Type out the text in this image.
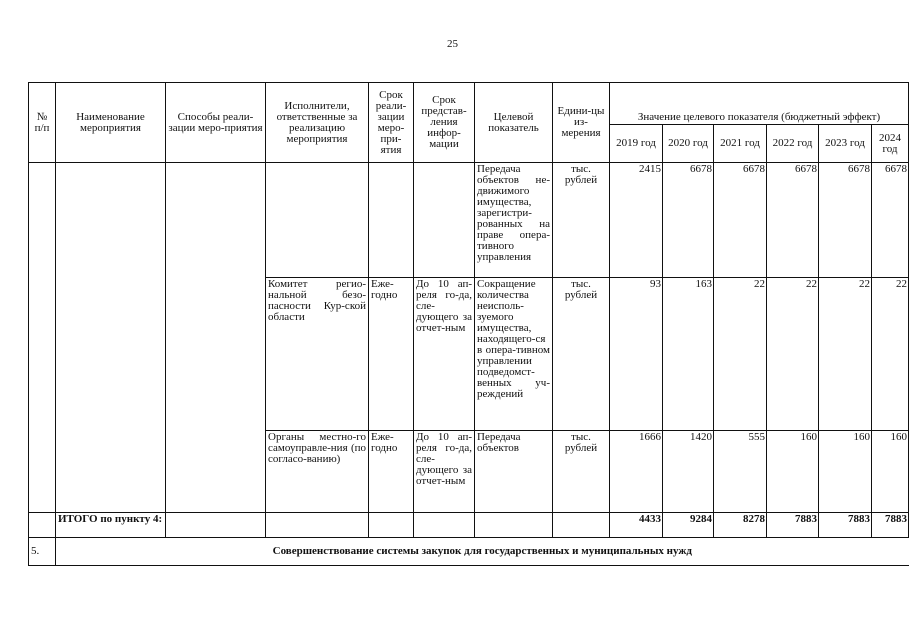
25
№ п/п	Наименование мероприятия	Способы реали-зации меро-приятия	Исполнители, ответственные за реализацию мероприятия	Срок реали-зации меро-при-ятия	Срок представ-ления инфор-мации	Целевой показатель	Едини-цы из-мерения	Значение целевого показателя (бюджетный эффект)					
								2019 год	2020 год	2021 год	2022 год	2023 год	2024 год
						Передача объектов не-движимого имущества, зарегистри-рованных на праве опера-тивного управления	тыс. рублей	2415	6678	6678	6678	6678	6678
			Комитет регио-нальной безо-пасности Кур-ской области	Еже-годно	До 10 ап-реля го-да, сле-дующего за отчет-ным	Сокращение количества неисполь-зуемого имущества, находящего-ся в опера-тивном управлении подведомст-венных уч-реждений	тыс. рублей	93	163	22	22	22	22
			Органы местно-го самоуправле-ния (по согласо-ванию)	Еже-годно	До 10 ап-реля го-да, сле-дующего за отчет-ным	Передача объектов	тыс. рублей	1666	1420	555	160	160	160
	ИТОГО по пункту 4:							4433	9284	8278	7883	7883	7883
5.	Совершенствование системы закупок для государственных и муниципальных нужд												
